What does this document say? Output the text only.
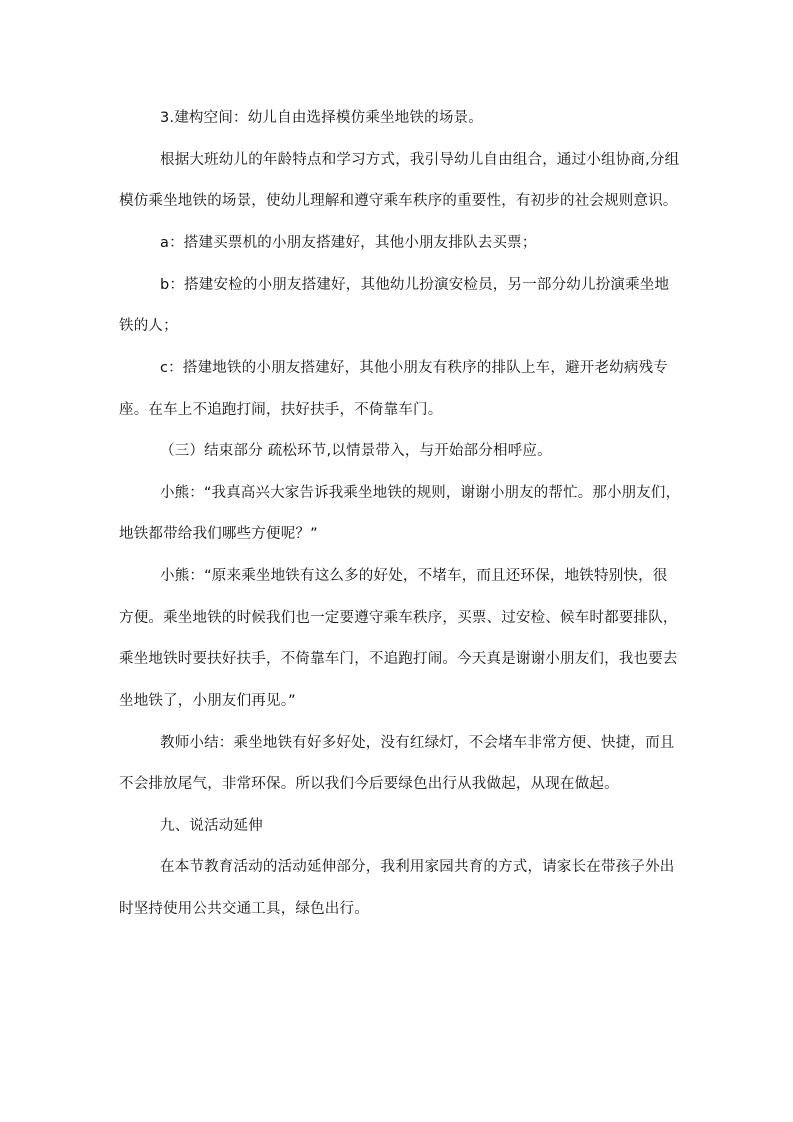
3.建构空间：幼儿自由选择模仿乘坐地铁的场景。
根据大班幼儿的年龄特点和学习方式，我引导幼儿自由组合，通过小组协商,分组
模仿乘坐地铁的场景，使幼儿理解和遵守乘车秩序的重要性，有初步的社会规则意识。
a：搭建买票机的小朋友搭建好，其他小朋友排队去买票；
b：搭建安检的小朋友搭建好，其他幼儿扮演安检员，另一部分幼儿扮演乘坐地
铁的人；
c：搭建地铁的小朋友搭建好，其他小朋友有秩序的排队上车，避开老幼病残专
座。在车上不追跑打闹，扶好扶手，不倚靠车门。
（三）结束部分 疏松环节,以情景带入，与开始部分相呼应。
小熊：“我真高兴大家告诉我乘坐地铁的规则，谢谢小朋友的帮忙。那小朋友们，
地铁都带给我们哪些方便呢？”
小熊：“原来乘坐地铁有这么多的好处，不堵车，而且还环保，地铁特别快，很
方便。乘坐地铁的时候我们也一定要遵守乘车秩序，买票、过安检、候车时都要排队，
乘坐地铁时要扶好扶手，不倚靠车门，不追跑打闹。今天真是谢谢小朋友们，我也要去
坐地铁了，小朋友们再见。”
教师小结：乘坐地铁有好多好处，没有红绿灯，不会堵车非常方便、快捷，而且
不会排放尾气，非常环保。所以我们今后要绿色出行从我做起，从现在做起。
九、说活动延伸
在本节教育活动的活动延伸部分，我利用家园共育的方式，请家长在带孩子外出
时坚持使用公共交通工具，绿色出行。
